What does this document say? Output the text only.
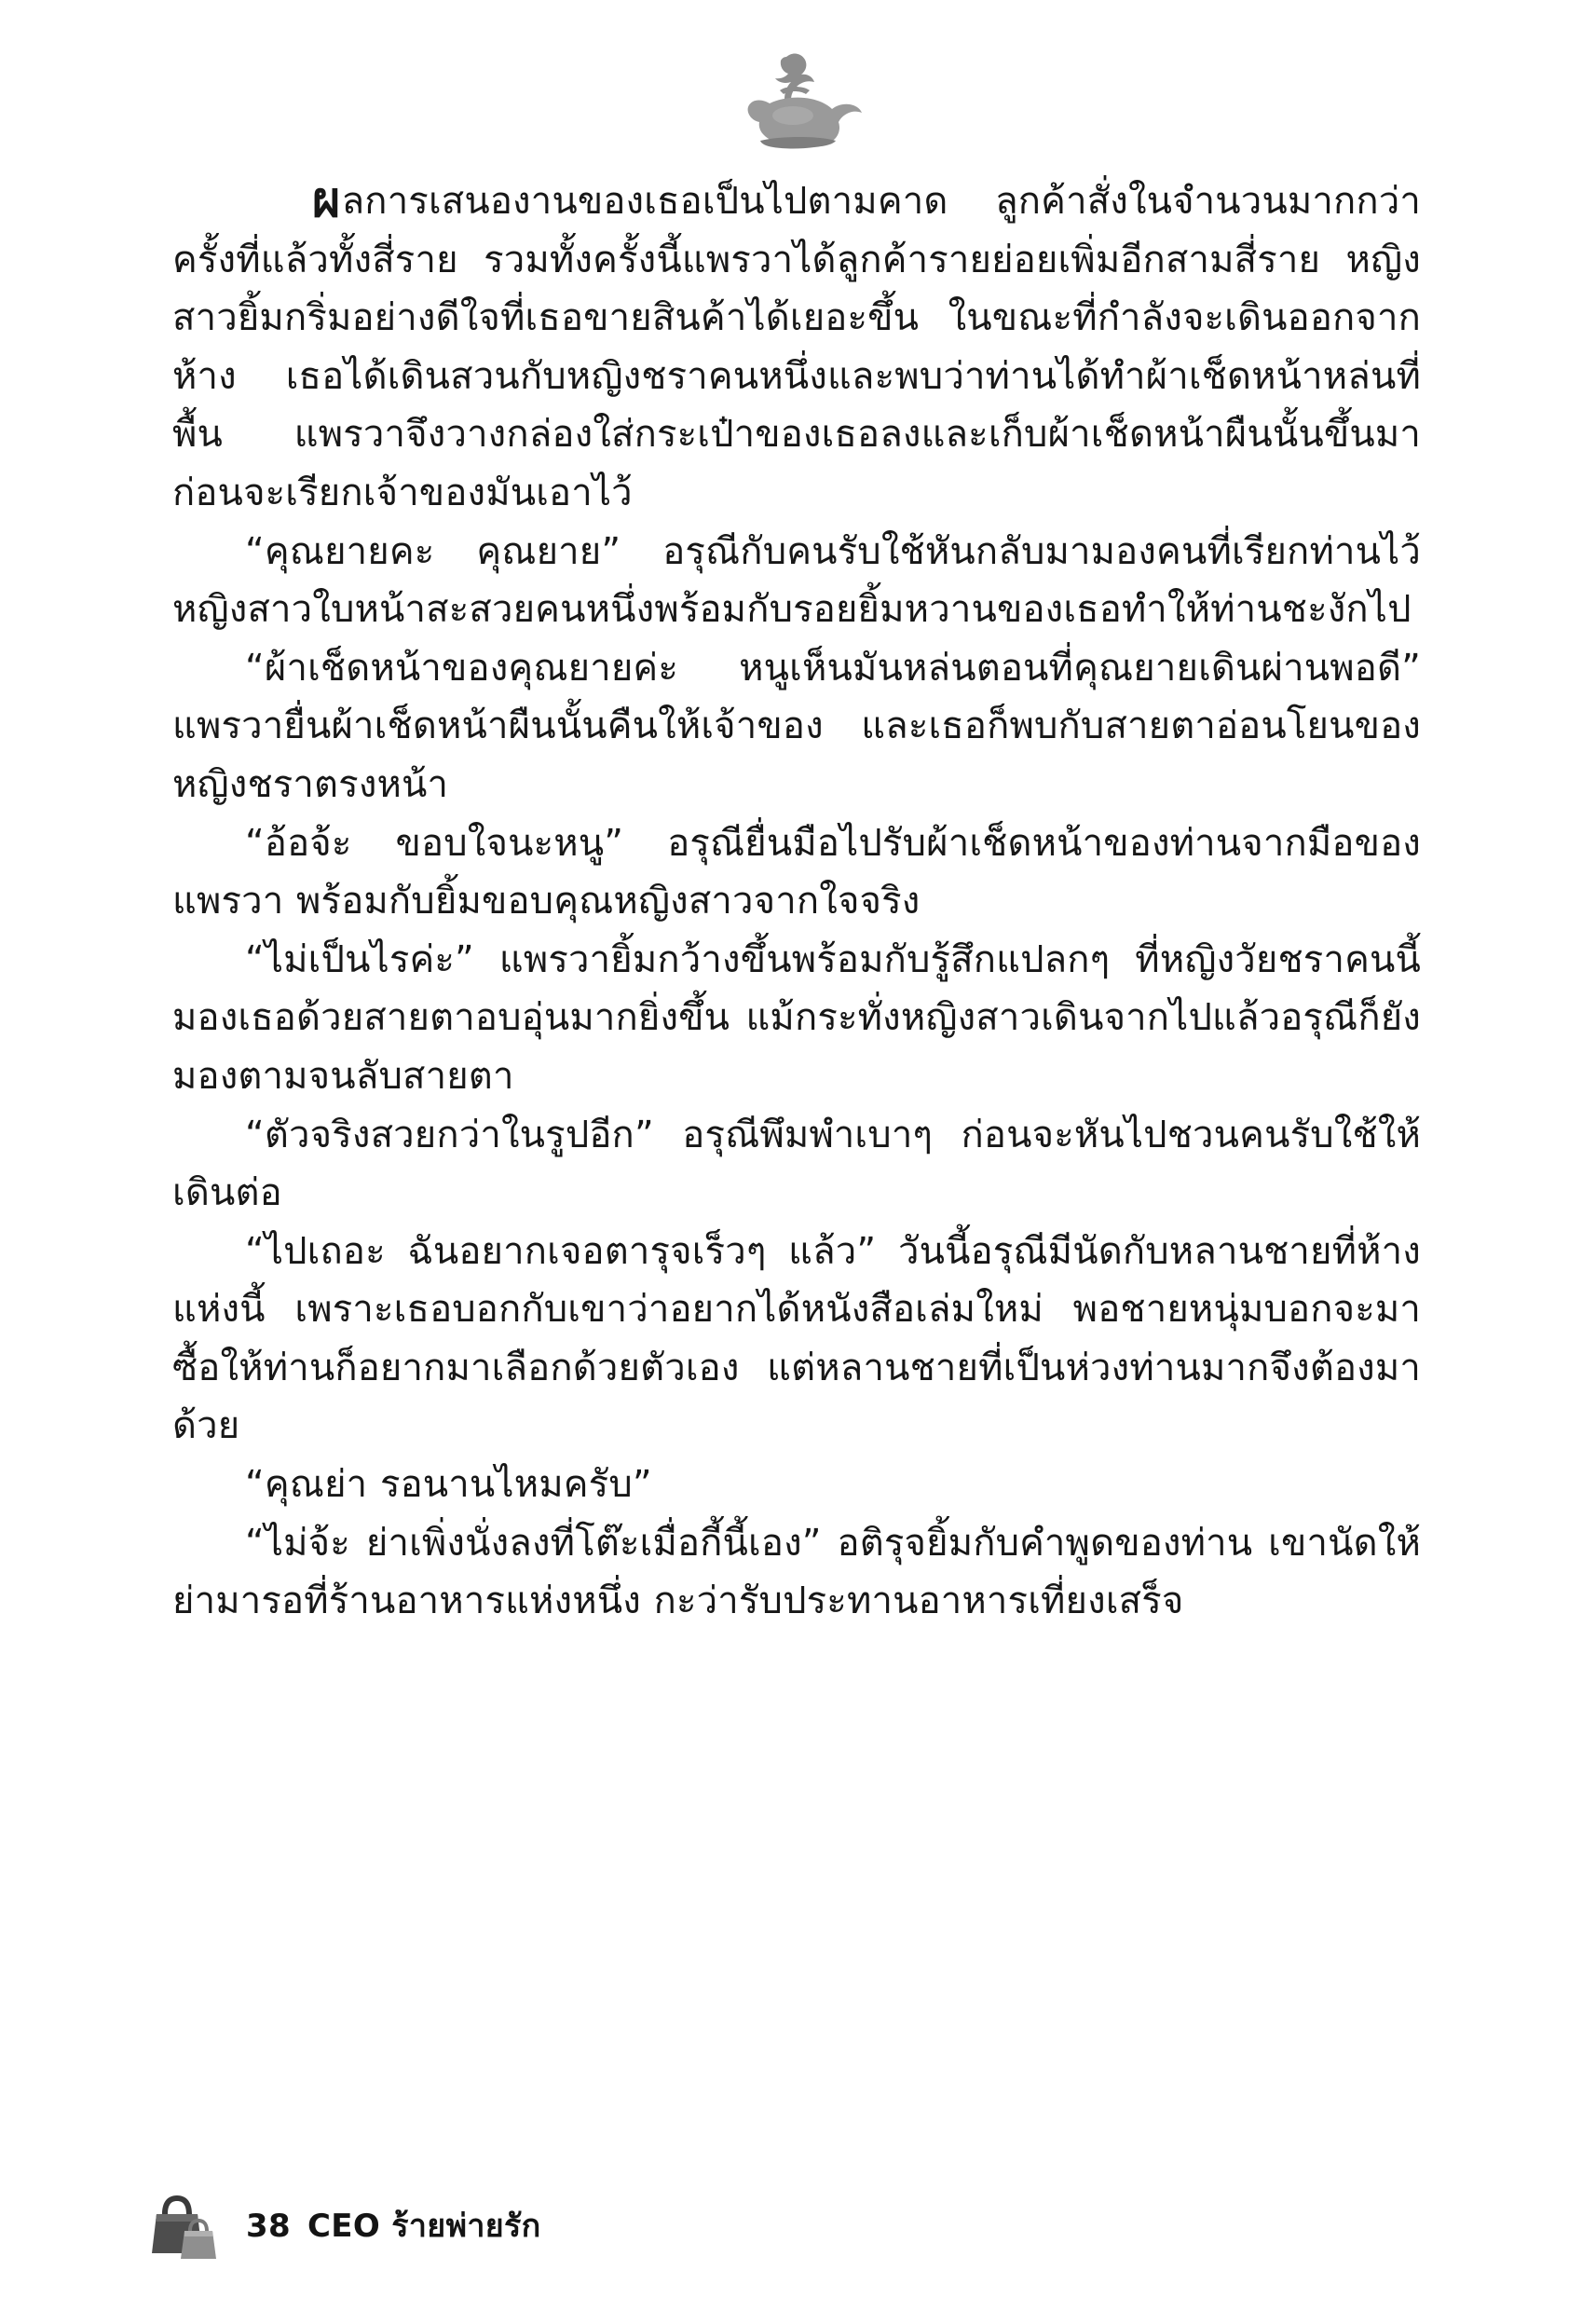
ผลการเสนองานของเธอเป็นไปตามคาด ลูกค้าสั่งในจำนวนมากกว่าครั้งที่แล้วทั้งสี่ราย รวมทั้งครั้งนี้แพรวาได้ลูกค้ารายย่อยเพิ่มอีกสามสี่ราย หญิงสาวยิ้มกริ่มอย่างดีใจที่เธอขายสินค้าได้เยอะขึ้น ในขณะที่กำลังจะเดินออกจากห้าง เธอได้เดินสวนกับหญิงชราคนหนึ่งและพบว่าท่านได้ทำผ้าเช็ดหน้าหล่นที่พื้น แพรวาจึงวางกล่องใส่กระเป๋าของเธอลงและเก็บผ้าเช็ดหน้าผืนนั้นขึ้นมาก่อนจะเรียกเจ้าของมันเอาไว้

“คุณยายคะ คุณยาย” อรุณีกับคนรับใช้หันกลับมามองคนที่เรียกท่านไว้ หญิงสาวใบหน้าสะสวยคนหนึ่งพร้อมกับรอยยิ้มหวานของเธอทำให้ท่านชะงักไป

“ผ้าเช็ดหน้าของคุณยายค่ะ หนูเห็นมันหล่นตอนที่คุณยายเดินผ่านพอดี” แพรวายื่นผ้าเช็ดหน้าผืนนั้นคืนให้เจ้าของ และเธอก็พบกับสายตาอ่อนโยนของหญิงชราตรงหน้า

“อ้อจ้ะ ขอบใจนะหนู” อรุณียื่นมือไปรับผ้าเช็ดหน้าของท่านจากมือของแพรวา พร้อมกับยิ้มขอบคุณหญิงสาวจากใจจริง

“ไม่เป็นไรค่ะ” แพรวายิ้มกว้างขึ้นพร้อมกับรู้สึกแปลกๆ ที่หญิงวัยชราคนนี้มองเธอด้วยสายตาอบอุ่นมากยิ่งขึ้น แม้กระทั่งหญิงสาวเดินจากไปแล้วอรุณีก็ยังมองตามจนลับสายตา

“ตัวจริงสวยกว่าในรูปอีก” อรุณีพึมพำเบาๆ ก่อนจะหันไปชวนคนรับใช้ให้เดินต่อ

“ไปเถอะ ฉันอยากเจอตารุจเร็วๆ แล้ว” วันนี้อรุณีมีนัดกับหลานชายที่ห้างแห่งนี้ เพราะเธอบอกกับเขาว่าอยากได้หนังสือเล่มใหม่ พอชายหนุ่มบอกจะมาซื้อให้ท่านก็อยากมาเลือกด้วยตัวเอง แต่หลานชายที่เป็นห่วงท่านมากจึงต้องมาด้วย

“คุณย่า รอนานไหมครับ”

“ไม่จ้ะ ย่าเพิ่งนั่งลงที่โต๊ะเมื่อกี้นี้เอง” อติรุจยิ้มกับคำพูดของท่าน เขานัดให้ย่ามารอที่ร้านอาหารแห่งหนึ่ง กะว่ารับประทานอาหารเที่ยงเสร็จ

38 CEO ร้ายพ่ายรัก
